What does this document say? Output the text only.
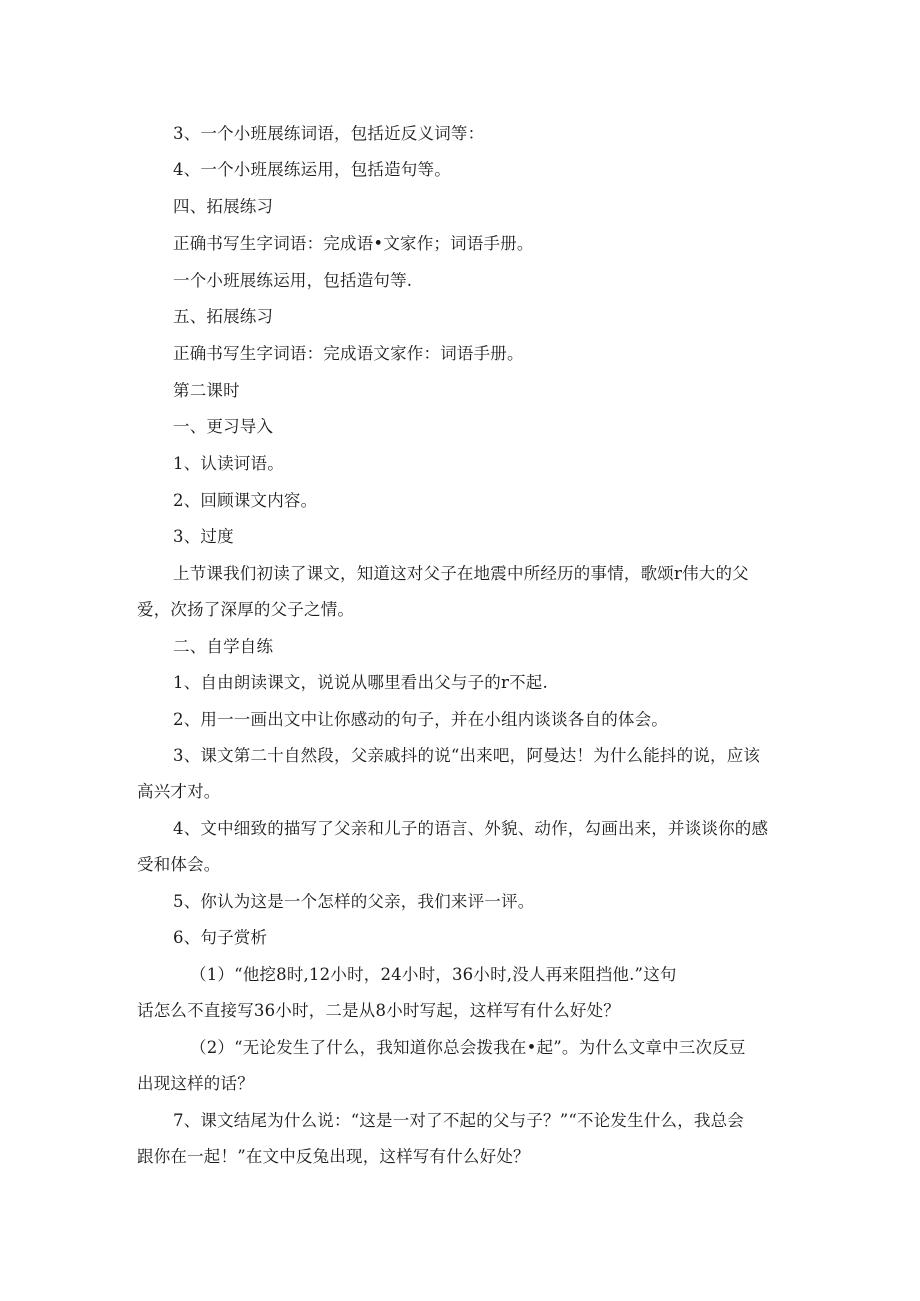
3、一个小班展练词语，包括近反义词等：
4、一个小班展练运用，包括造句等。
四、拓展练习
正确书写生字词语：完成语•文家作；词语手册。
一个小班展练运用，包括造句等.
五、拓展练习
正确书写生字词语：完成语文家作：词语手册。
第二课时
一、更习导入
1、认读诃语。
2、回顾课文内容。
3、过度
上节课我们初读了课文，知道这对父子在地震中所经历的事情，歌颂r伟大的父
爱，次扬了深厚的父子之情。
二、自学自练
1、自由朗读课文，说说从哪里看出父与子的r不起.
2、用一一画出文中让你感动的句子，并在小组内谈谈各自的体会。
3、课文第二十自然段，父亲戚抖的说“出来吧，阿曼达！为什么能抖的说，应该
高兴才对。
4、文中细致的描写了父亲和儿子的语言、外貌、动作，勾画出来，并谈谈你的感
受和体会。
5、你认为这是一个怎样的父亲，我们来评一评。
6、句子赏析
（1）“他挖8时,12小时，24小时，36小时,没人再来阻挡他.”这句
话怎么不直接写36小时，二是从8小时写起，这样写有什么好处？
（2）“无论发生了什么，我知道你总会拨我在•起”。为什么文章中三次反豆
出现这样的话？
7、课文结尾为什么说：“这是一对了不起的父与子？”“不论发生什么，我总会
跟你在一起！”在文中反兔出现，这样写有什么好处？
